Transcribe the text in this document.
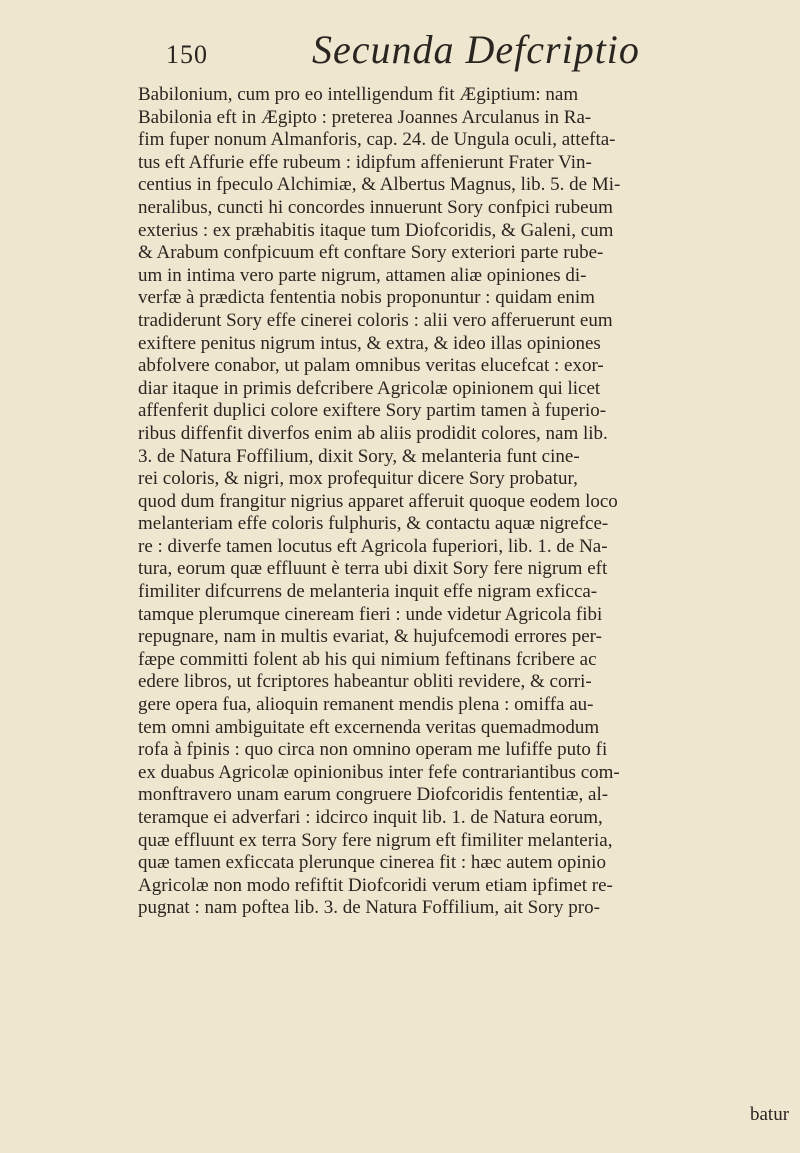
150	Secunda Defcriptio
Babilonium, cum pro eo intelligendum fit Ægiptium: nam
Babilonia eft in Ægipto : preterea Joannes Arculanus in Ra-
fim fuper nonum Almanforis, cap. 24. de Ungula oculi, attefta-
tus eft Affurie effe rubeum : idipfum affenierunt Frater Vin-
centius in fpeculo Alchimiæ, & Albertus Magnus, lib. 5. de Mi-
neralibus, cuncti hi concordes innuerunt Sory confpici rubeum
exterius : ex præhabitis itaque tum Diofcoridis, & Galeni, cum
& Arabum confpicuum eft conftare Sory exteriori parte rube-
um in intima vero parte nigrum, attamen aliæ opiniones di-
verfæ à prædicta fententia nobis proponuntur : quidam enim
tradiderunt Sory effe cinerei coloris : alii vero afferuerunt eum
exiftere penitus nigrum intus, & extra, & ideo illas opiniones
abfolvere conabor, ut palam omnibus veritas elucefcat : exor-
diar itaque in primis defcribere Agricolæ opinionem qui licet
affenferit duplici colore exiftere Sory partim tamen à fuperio-
ribus diffenfit diverfos enim ab aliis prodidit colores, nam lib.
3. de Natura Foffilium, dixit Sory, & melanteria funt cine-
rei coloris, & nigri, mox profequitur dicere Sory probatur,
quod dum frangitur nigrius apparet afferuit quoque eodem loco
melanteriam effe coloris fulphuris, & contactu aquæ nigrefce-
re : diverfe tamen locutus eft Agricola fuperiori, lib. 1. de Na-
tura, eorum quæ effluunt è terra ubi dixit Sory fere nigrum eft
fimiliter difcurrens de melanteria inquit effe nigram exficca-
tamque plerumque cineream fieri : unde videtur Agricola fibi
repugnare, nam in multis evariat, & hujufcemodi errores per-
fæpe committi folent ab his qui nimium feftinans fcribere ac
edere libros, ut fcriptores habeantur obliti revidere, & corri-
gere opera fua, alioquin remanent mendis plena : omiffa au-
tem omni ambiguitate eft excernenda veritas quemadmodum
rofa à fpinis : quo circa non omnino operam me lufiffe puto fi
ex duabus Agricolæ opinionibus inter fefe contrariantibus com-
monftravero unam earum congruere Diofcoridis fententiæ, al-
teramque ei adverfari : idcirco inquit lib. 1. de Natura eorum,
quæ effluunt ex terra Sory fere nigrum eft fimiliter melanteria,
quæ tamen exficcata plerunque cinerea fit : hæc autem opinio
Agricolæ non modo refiftit Diofcoridi verum etiam ipfimet re-
pugnat : nam poftea lib. 3. de Natura Foffilium, ait Sory pro-
batur
